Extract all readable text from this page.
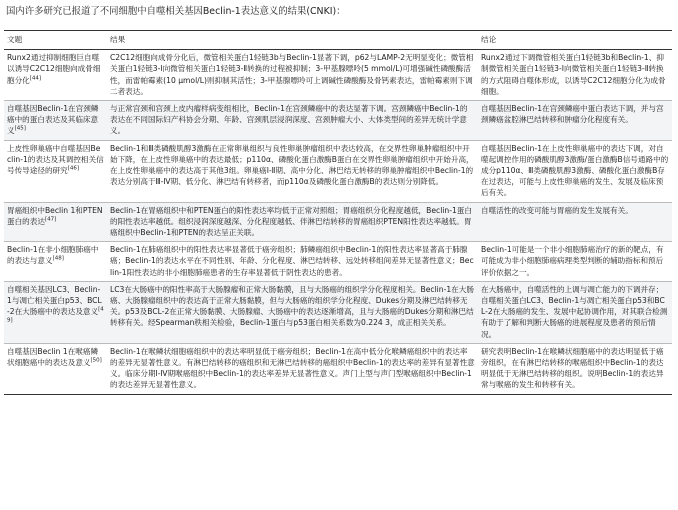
国内许多研究已报道了不同细胞中自噬相关基因Beclin-1表达意义的结果(CNKI)：
文题	结果	结论
Runx2通过抑制细胞巨自噬以诱导C2C12细胞向成骨细胞分化[44]	C2C12细胞向成骨分化后，微管相关蛋白1轻链3b与Beclin-1显著下调，p62与LAMP-2无明显变化；微管相关蛋白1轻链3-Ⅰ向微管相关蛋白1轻链3-Ⅱ转换的过程被抑制；3-甲基腺嘌呤(5 mmol/L)可增强碱性磷酸酶活性，而雷帕霉素(10 μmol/L)则抑制其活性；3-甲基腺嘌呤可上调碱性磷酸酶及骨钙素表达，雷帕霉素则下调二者表达。	Runx2通过下调微管相关蛋白1轻链3b和Beclin-1、抑制微管相关蛋白1轻链3-Ⅰ向微管相关蛋白1轻链3-Ⅱ转换的方式阻碍自噬体形成，以诱导C2C12细胞分化为成骨细胞。
自噬基因Beclin-1在宫颈鳞癌中的蛋白表达及其临床意义[45]	与正常宫颈和宫颈上皮内瘤样病变组相比，Beclin-1在宫颈鳞癌中的表达显著下调。宫颈鳞癌中Beclin-1的表达在不同国际妇产科协会分期、年龄、宫颈肌层浸润深度、宫颈肿瘤大小、大体类型间的差异无统计学意义。	自噬基因Beclin-1在宫颈鳞癌中蛋白表达下调，并与宫颈鳞癌盆腔淋巴结转移和肿瘤分化程度有关。
上皮性卵巢癌中自噬基因Beclin-1的表达及其调控相关信号传导途径的研究[46]	Beclin-1和Ⅲ类磷酸肌醇3激酶在正常卵巢组织与良性卵巢肿瘤组织中表达较高，在交界性卵巢肿瘤组织中开始下降，在上皮性卵巢癌中的表达最低；p110α、磷酸化蛋白激酶B蛋白在交界性卵巢肿瘤组织中开始升高，在上皮性卵巢癌中的表达高于其他3组。卵巢癌Ⅰ-Ⅱ期、高中分化、淋巴结无转移的卵巢肿瘤组织中Beclin-1的表达分别高于Ⅲ-Ⅳ期、低分化、淋巴结有转移者，而p110α及磷酸化蛋白激酶B的表达则分别降低。	自噬基因Beclin-1在上皮性卵巢癌中的表达下调，对自噬起调控作用的磷酸肌醇3激酶/蛋白激酶B信号通路中的成分p110α、Ⅲ类磷酸肌醇3激酶、磷酸化蛋白激酶B存在过表达，可能与上皮性卵巢癌的发生、发展及临床预后有关。
胃癌组织中Beclin 1和PTEN蛋白的表达[47]	Beclin-1在胃癌组织中和PTEN蛋白的阳性表达率均低于正常对照组；胃癌组织分化程度越低，Beclin-1蛋白的阳性表达率越低。组织浸润深度越深、分化程度越低、伴淋巴结转移的胃癌组织PTEN阳性表达率越低。胃癌组织中Beclin-1和PTEN的表达呈正关联。	自噬活性的改变可能与胃癌的发生发展有关。
Beclin-1在非小细胞肺癌中的表达与意义[48]	Beclin-1在肺癌组织中的阳性表达率显著低于癌旁组织；肺鳞癌组织中Beclin-1的阳性表达率显著高于肺腺癌；Beclin-1的表达水平在不同性别、年龄、分化程度、淋巴结转移、远处转移组间差异无显著性意义；Beclin-1阳性表达的非小细胞肺癌患者的生存率显著低于阴性表达的患者。	Beclin-1可能是一个非小细胞肺癌治疗的新的靶点，有可能成为非小细胞肺癌病理类型判断的辅助指标和预后评价依据之一。
自噬相关基因LC3、Beclin-1与凋亡相关蛋白p53、BCL-2在大肠癌中的表达及意义[49]	LC3在大肠癌中的阳性率高于大肠腺瘤和正常大肠黏膜，且与大肠癌的组织学分化程度相关。Beclin-1在大肠癌、大肠腺瘤组织中的表达高于正常大肠黏膜，但与大肠癌的组织学分化程度、Dukes分期及淋巴结转移无关。p53及BCL-2在正常大肠黏膜、大肠腺瘤、大肠癌中的表达逐渐增高，且与大肠癌的Dukes分期和淋巴结转移有关。经Spearman秩相关检验，Beclin-1蛋白与p53蛋白相关系数为0.224 3，成正相关关系。	在大肠癌中，自噬活性的上调与凋亡能力的下调并存；自噬相关蛋白LC3、Beclin-1与凋亡相关蛋白p53和BCL-2在大肠癌的发生、发展中起协调作用，对其联合检测有助于了解和判断大肠癌的进展程度及患者的预后情况。
自噬基因Beclin 1在喉癌鳞状细胞癌中的表达及意义[50]	Beclin-1在喉鳞状细胞癌组织中的表达率明显低于癌旁组织；Beclin-1在高中低分化喉鳞癌组织中的表达率的差异无显著性意义。有淋巴结转移的癌组织和无淋巴结转移的癌组织中Beclin-1的表达率的差异有显著性意义。临床分期Ⅰ-Ⅳ期喉癌组织中Beclin-1的表达率差异无显著性意义。声门上型与声门型喉癌组织中Beclin-1的表达差异无显著性意义。	研究表明Beclin-1在喉鳞状细胞癌中的表达明显低于癌旁组织，在有淋巴结转移的喉癌组织中Beclin-1的表达明显低于无淋巴结转移的组织。说明Beclin-1的表达异常与喉癌的发生和转移有关。
